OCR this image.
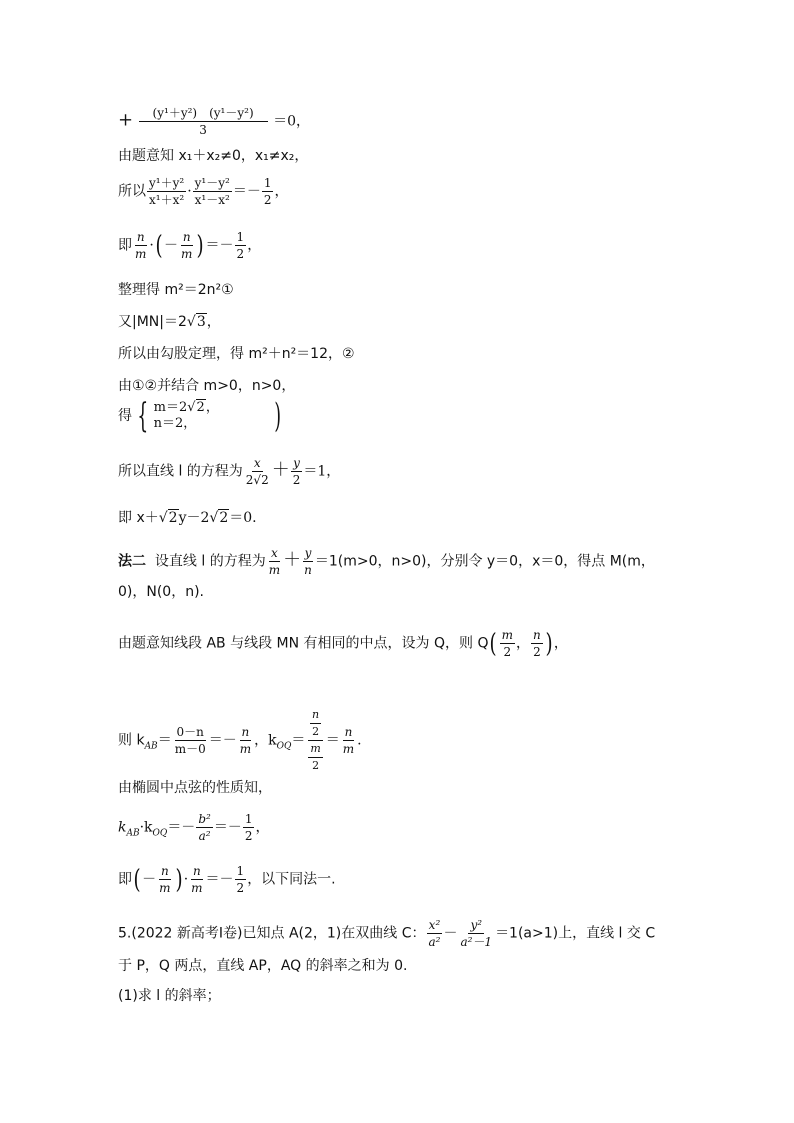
+ $\frac{\text{(y¹＋y²)　(y¹－y²)}}{3} =0$，
由题意知 x₁＋x₂≠0，x₁≠x₂，
所以 $\frac{\text{y¹＋y²}}{\text{x¹＋x²}} \cdot \frac{\text{y¹－y²}}{\text{x¹－x²}} =- \frac{1}{2}$ ，
即 $\frac{n}{m}$ ·( － $\frac{n}{m}$ ) ＝－ $\frac{1}{2}$ ，
整理得 m²＝2n²①
又|MN|＝2√3，
所以由勾股定理，得 m²＋n²＝12，②
由①②并结合 m>0，n>0，
得 { m＝2√2，
n＝2，	)
所以直线 l 的方程为 $\frac{x}{2√2} + \frac{y}{2} =1$，
即 x＋√2y－2√2＝0.
法二 设直线 l 的方程为 $\frac{x}{m} + \frac{y}{n} =1(m>0$，n>0)，分别令 y＝0，x＝0，得点 M(m，
0)，N(0，n).
由题意知线段 AB 与线段 MN 有相同的中点，设为 Q，则 $Q( \frac{m}{2}$ ， $\frac{n}{2}$ ) ，
则 $k_{AB}= \frac{0-n}{m-0} =- \frac{n}{m}$ ，$k_{OQ}= \frac{\frac{n}{2}}{\frac{m}{2}} = \frac{n}{m}$ .
由椭圆中点弦的性质知，
$k_{AB}\cdot k_{OQ}=- \frac{\text{b²}}{\text{a²}} =- \frac{1}{2}$ ，
即( － $\frac{n}{m}$ ) · $\frac{n}{m} =- \frac{1}{2}$ ，以下同法一.
5.(2022 新高考Ⅰ卷)已知点 A(2，1)在双曲线 C： $\frac{\text{x²}}{\text{a²}} - \frac{\text{y²}}{\text{a²－1}} =1(a>1)$上，直线 l 交 C
于 P，Q 两点，直线 AP，AQ 的斜率之和为 0.
(1)求 l 的斜率；
